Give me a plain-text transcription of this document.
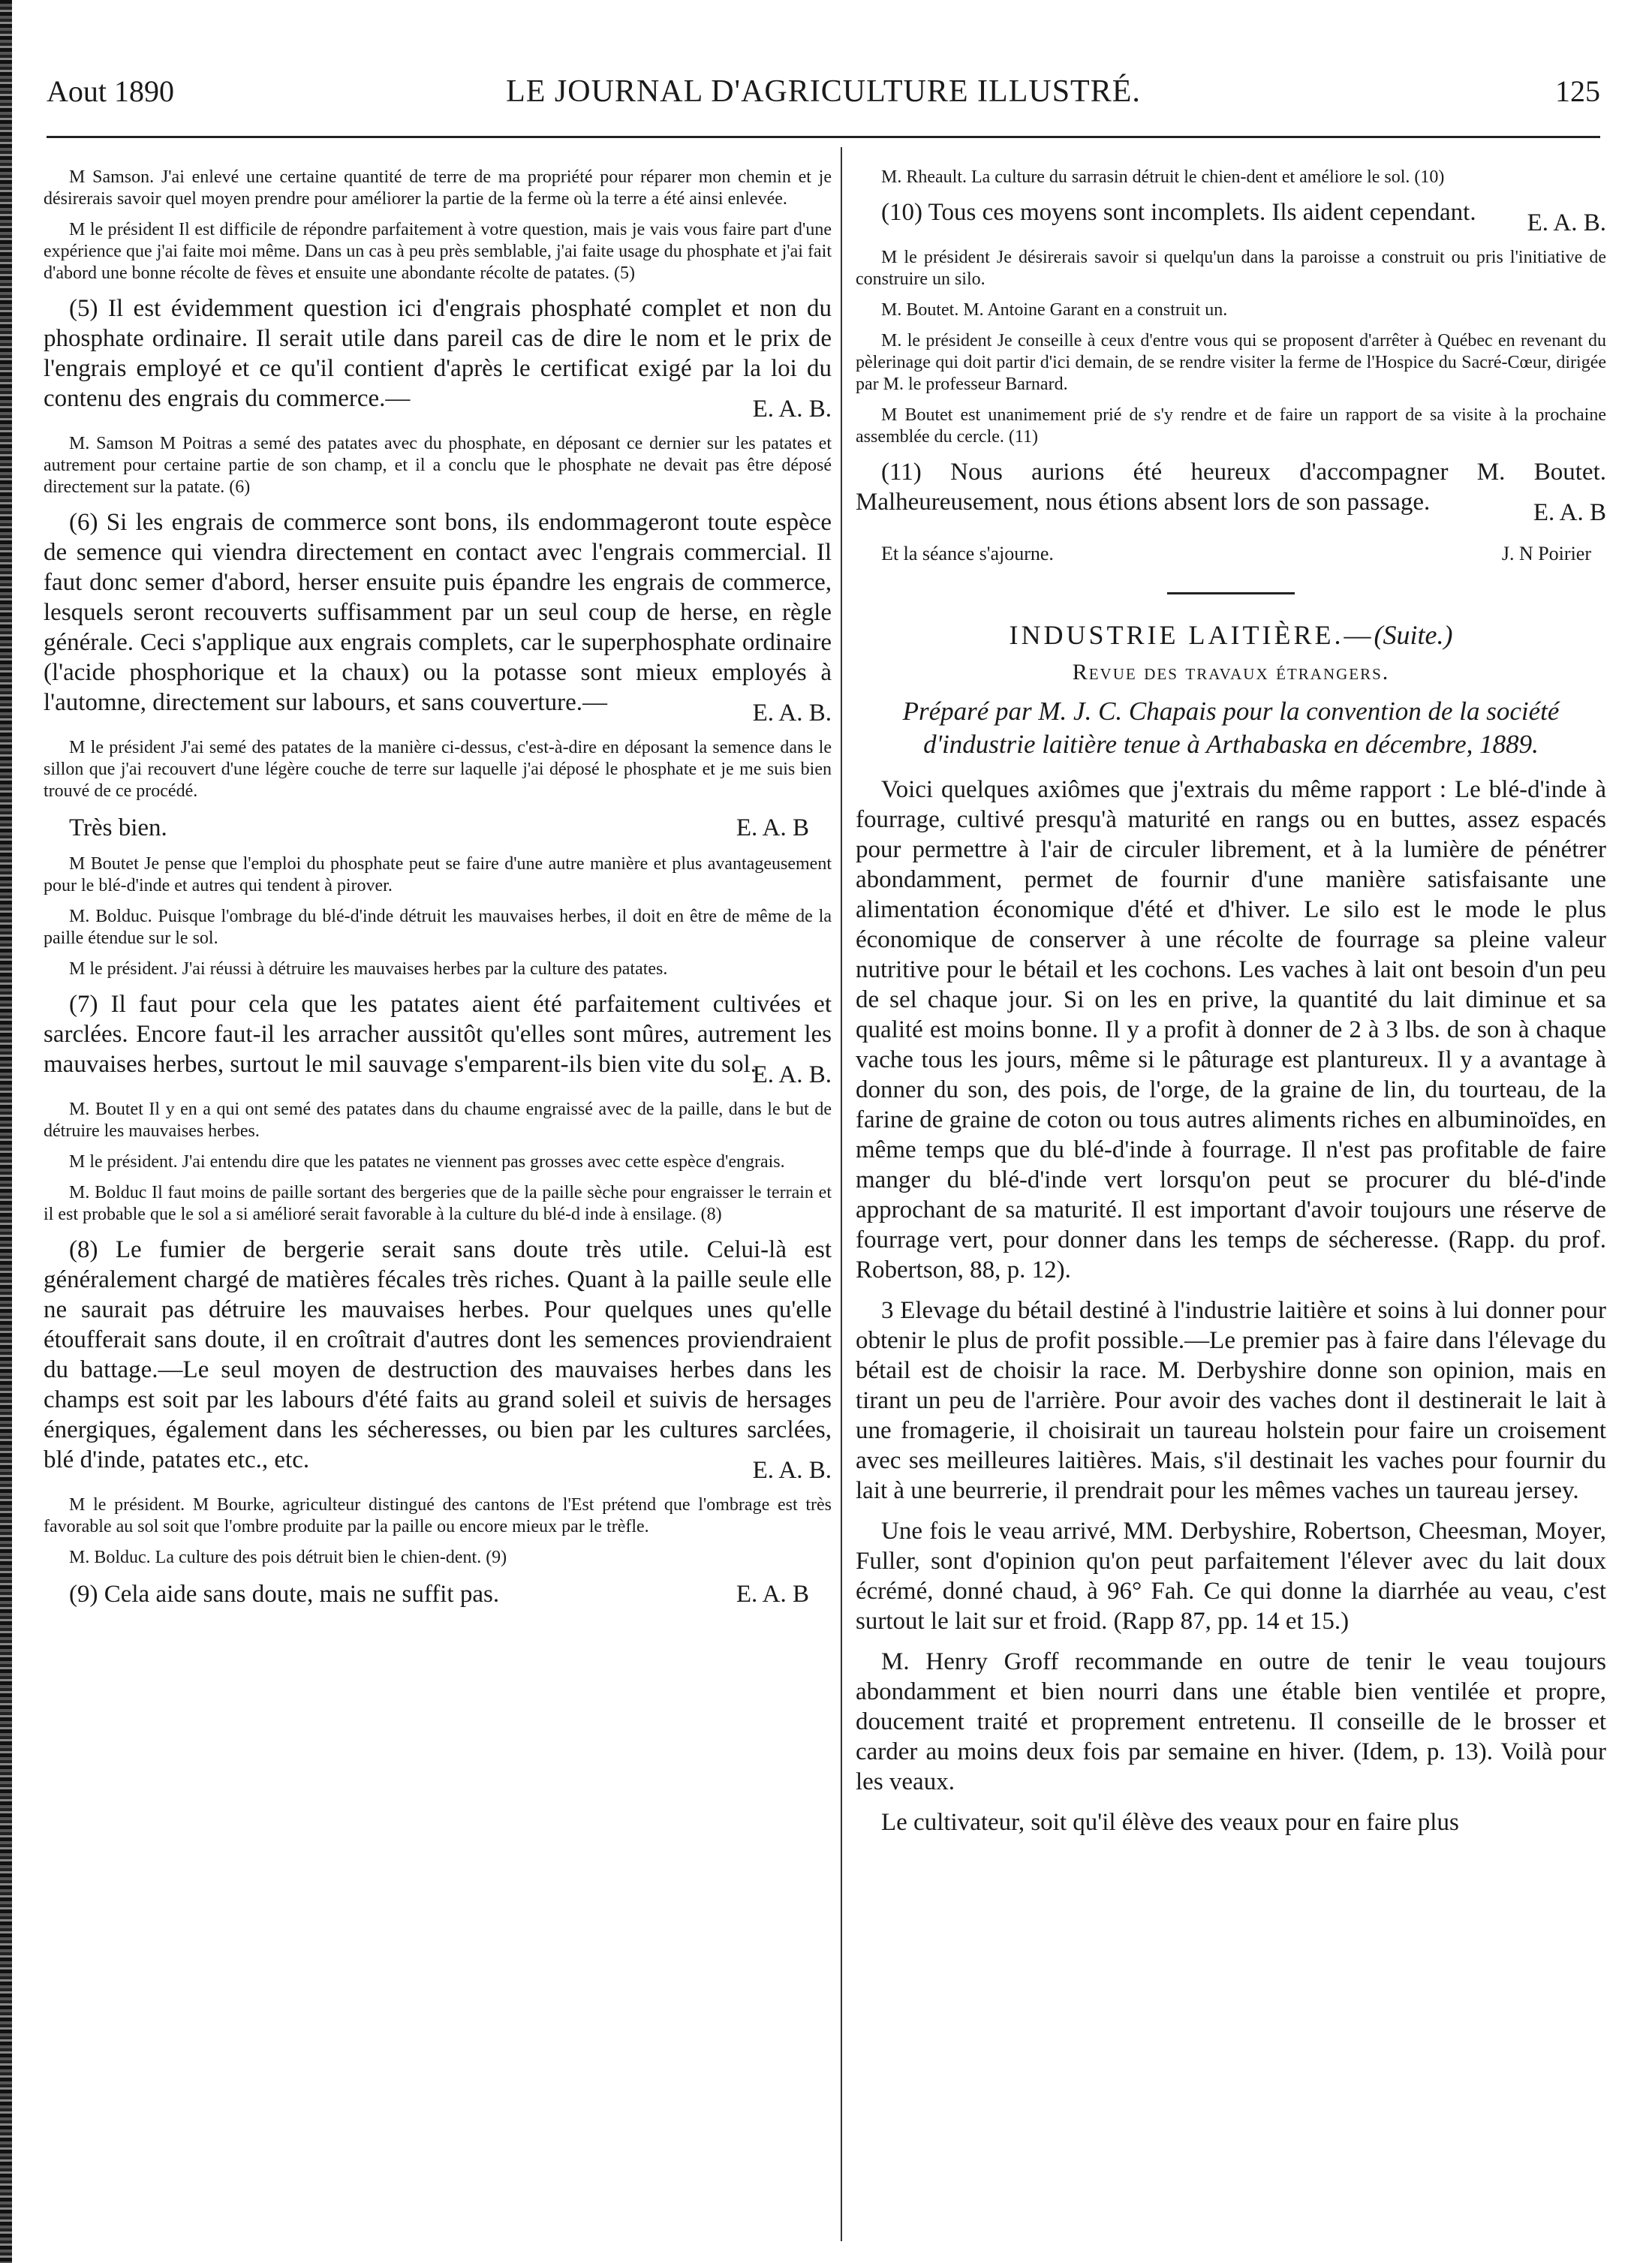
Aout 1890	LE JOURNAL D'AGRICULTURE ILLUSTRÉ.	125

M Samson. J'ai enlevé une certaine quantité de terre de ma propriété pour réparer mon chemin et je désirerais savoir quel moyen prendre pour améliorer la partie de la ferme où la terre a été ainsi enlevée.

M le président Il est difficile de répondre parfaitement à votre question, mais je vais vous faire part d'une expérience que j'ai faite moi même. Dans un cas à peu près semblable, j'ai faite usage du phosphate et j'ai fait d'abord une bonne récolte de fèves et ensuite une abondante récolte de patates. (5)

(5) Il est évidemment question ici d'engrais phosphaté complet et non du phosphate ordinaire. Il serait utile dans pareil cas de dire le nom et le prix de l'engrais employé et ce qu'il contient d'après le certificat exigé par la loi du contenu des engrais du commerce.—	E. A. B.

M. Samson M Poitras a semé des patates avec du phosphate, en déposant ce dernier sur les patates et autrement pour certaine partie de son champ, et il a conclu que le phosphate ne devait pas être déposé directement sur la patate. (6)

(6) Si les engrais de commerce sont bons, ils endommageront toute espèce de semence qui viendra directement en contact avec l'engrais commercial. Il faut donc semer d'abord, herser ensuite puis épandre les engrais de commerce, lesquels seront recouverts suffisamment par un seul coup de herse, en règle générale. Ceci s'applique aux engrais complets, car le superphosphate ordinaire (l'acide phosphorique et la chaux) ou la potasse sont mieux employés à l'automne, directement sur labours, et sans couverture.—	E. A. B.

M le président J'ai semé des patates de la manière ci-dessus, c'est-à-dire en déposant la semence dans le sillon que j'ai recouvert d'une légère couche de terre sur laquelle j'ai déposé le phosphate et je me suis bien trouvé de ce procédé.

Très bien.	E. A. B

M Boutet Je pense que l'emploi du phosphate peut se faire d'une autre manière et plus avantageusement pour le blé-d'inde et autres qui tendent à pirover.

M. Bolduc. Puisque l'ombrage du blé-d'inde détruit les mauvaises herbes, il doit en être de même de la paille étendue sur le sol.

M le président. J'ai réussi à détruire les mauvaises herbes par la culture des patates.

(7) Il faut pour cela que les patates aient été parfaitement cultivées et sarclées. Encore faut-il les arracher aussitôt qu'elles sont mûres, autrement les mauvaises herbes, surtout le mil sauvage s'emparent-ils bien vite du sol.

E. A. B.

M. Boutet Il y en a qui ont semé des patates dans du chaume engraissé avec de la paille, dans le but de détruire les mauvaises herbes.

M le président. J'ai entendu dire que les patates ne viennent pas grosses avec cette espèce d'engrais.

M. Bolduc Il faut moins de paille sortant des bergeries que de la paille sèche pour engraisser le terrain et il est probable que le sol a si amélioré serait favorable à la culture du blé-d inde à ensilage. (8)

(8) Le fumier de bergerie serait sans doute très utile. Celui-là est généralement chargé de matières fécales très riches. Quant à la paille seule elle ne saurait pas détruire les mauvaises herbes. Pour quelques unes qu'elle étoufferait sans doute, il en croîtrait d'autres dont les semences proviendraient du battage.—Le seul moyen de destruction des mauvaises herbes dans les champs est soit par les labours d'été faits au grand soleil et suivis de hersages énergiques, également dans les sécheresses, ou bien par les cultures sarclées, blé d'inde, patates etc., etc.	E. A. B.

M le président. M Bourke, agriculteur distingué des cantons de l'Est prétend que l'ombrage est très favorable au sol soit que l'ombre produite par la paille ou encore mieux par le trèfle.

M. Bolduc. La culture des pois détruit bien le chien-dent. (9)

(9) Cela aide sans doute, mais ne suffit pas.	E. A. B

M. Rheault. La culture du sarrasin détruit le chien-dent et améliore le sol. (10)

(10) Tous ces moyens sont incomplets. Ils aident cependant.	E. A. B.

M le président Je désirerais savoir si quelqu'un dans la paroisse a construit ou pris l'initiative de construire un silo.

M. Boutet. M. Antoine Garant en a construit un.

M. le président Je conseille à ceux d'entre vous qui se proposent d'arrêter à Québec en revenant du pèlerinage qui doit partir d'ici demain, de se rendre visiter la ferme de l'Hospice du Sacré-Cœur, dirigée par M. le professeur Barnard.

M Boutet est unanimement prié de s'y rendre et de faire un rapport de sa visite à la prochaine assemblée du cercle. (11)

(11) Nous aurions été heureux d'accompagner M. Boutet. Malheureusement, nous étions absent lors de son passage.	E. A. B
Et la séance s'ajourne.	J. N Poirier
INDUSTRIE LAITIÈRE.—(Suite.)
Revue des travaux étrangers.
Préparé par M. J. C. Chapais pour la convention de la société d'industrie laitière tenue à Arthabaska en décembre, 1889.

Voici quelques axiômes que j'extrais du même rapport : Le blé-d'inde à fourrage, cultivé presqu'à maturité en rangs ou en buttes, assez espacés pour permettre à l'air de circuler librement, et à la lumière de pénétrer abondamment, permet de fournir d'une manière satisfaisante une alimentation économique d'été et d'hiver. Le silo est le mode le plus économique de conserver à une récolte de fourrage sa pleine valeur nutritive pour le bétail et les cochons. Les vaches à lait ont besoin d'un peu de sel chaque jour. Si on les en prive, la quantité du lait diminue et sa qualité est moins bonne. Il y a profit à donner de 2 à 3 lbs. de son à chaque vache tous les jours, même si le pâturage est plantureux. Il y a avantage à donner du son, des pois, de l'orge, de la graine de lin, du tourteau, de la farine de graine de coton ou tous autres aliments riches en albuminoïdes, en même temps que du blé-d'inde à fourrage. Il n'est pas profitable de faire manger du blé-d'inde vert lorsqu'on peut se procurer du blé-d'inde approchant de sa maturité. Il est important d'avoir toujours une réserve de fourrage vert, pour donner dans les temps de sécheresse. (Rapp. du prof. Robertson, 88, p. 12).

3 Elevage du bétail destiné à l'industrie laitière et soins à lui donner pour obtenir le plus de profit possible.—Le premier pas à faire dans l'élevage du bétail est de choisir la race. M. Derbyshire donne son opinion, mais en tirant un peu de l'arrière. Pour avoir des vaches dont il destinerait le lait à une fromagerie, il choisirait un taureau holstein pour faire un croisement avec ses meilleures laitières. Mais, s'il destinait les vaches pour fournir du lait à une beurrerie, il prendrait pour les mêmes vaches un taureau jersey.

Une fois le veau arrivé, MM. Derbyshire, Robertson, Cheesman, Moyer, Fuller, sont d'opinion qu'on peut parfaitement l'élever avec du lait doux écrémé, donné chaud, à 96° Fah. Ce qui donne la diarrhée au veau, c'est surtout le lait sur et froid. (Rapp 87, pp. 14 et 15.)

M. Henry Groff recommande en outre de tenir le veau toujours abondamment et bien nourri dans une étable bien ventilée et propre, doucement traité et proprement entretenu. Il conseille de le brosser et carder au moins deux fois par semaine en hiver. (Idem, p. 13). Voilà pour les veaux.

Le cultivateur, soit qu'il élève des veaux pour en faire plus
